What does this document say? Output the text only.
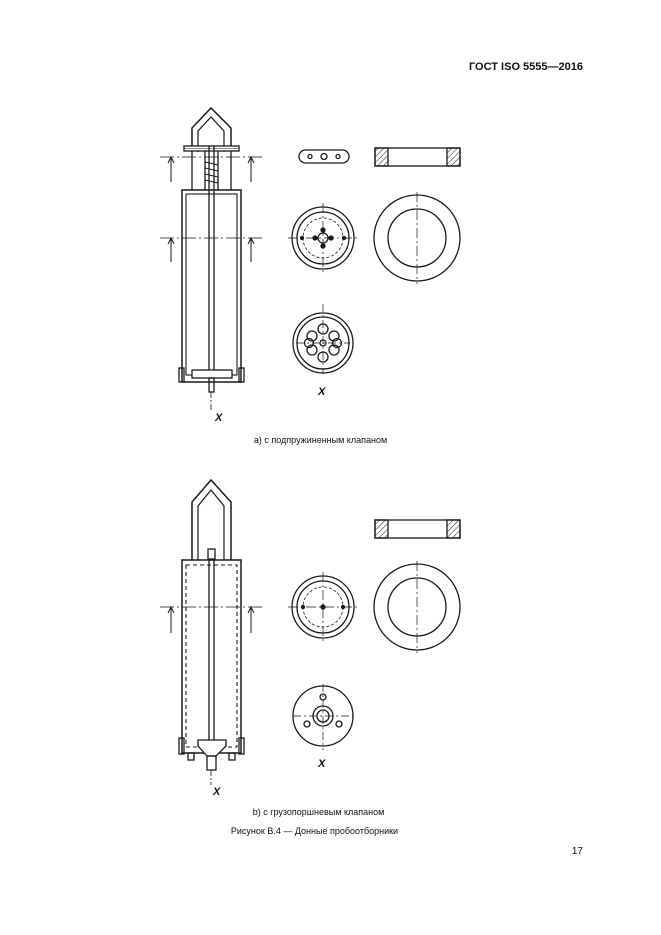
ГОСТ ISO 5555—2016
X
X
X
X
а) с подпружиненным клапаном
b) с грузопоршневым клапаном
Рисунок В.4 — Донные пробоотборники
17
